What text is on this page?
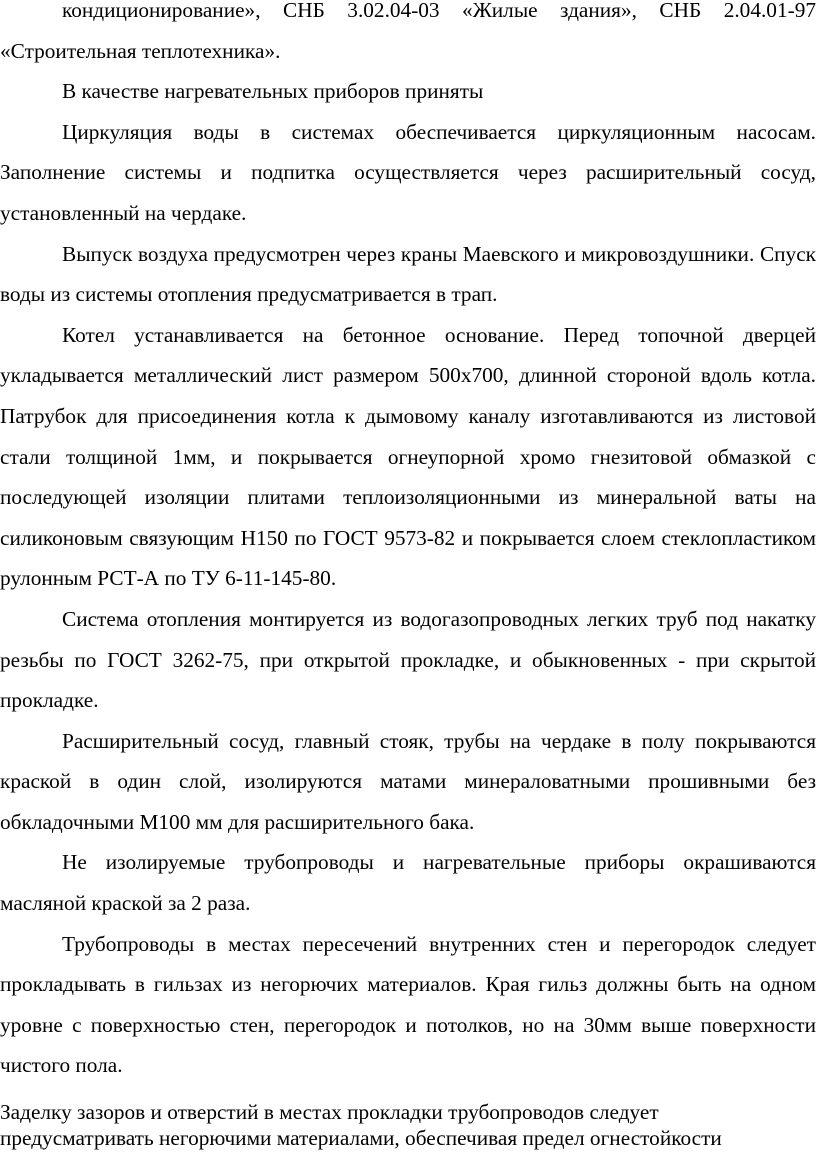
кондиционирование», СНБ 3.02.04-03 «Жилые здания», СНБ 2.04.01-97 «Строительная теплотехника».

В качестве нагревательных приборов приняты

Циркуляция воды в системах обеспечивается циркуляционным насосам. Заполнение системы и подпитка осуществляется через расширительный сосуд, установленный на чердаке.

Выпуск воздуха предусмотрен через краны Маевского и микровоздушники. Спуск воды из системы отопления предусматривается в трап.

Котел устанавливается на бетонное основание. Перед топочной дверцей укладывается металлический лист размером 500х700, длинной стороной вдоль котла. Патрубок для присоединения котла к дымовому каналу изготавливаются из листовой стали толщиной 1мм, и покрывается огнеупорной хромо гнезитовой обмазкой с последующей изоляции плитами теплоизоляционными из минеральной ваты на силиконовым связующим Н150 по ГОСТ 9573-82 и покрывается слоем стеклопластиком рулонным РСТ-А по ТУ 6-11-145-80.

Система отопления монтируется из водогазопроводных легких труб под накатку резьбы по ГОСТ 3262-75, при открытой прокладке, и обыкновенных - при скрытой прокладке.

Расширительный сосуд, главный стояк, трубы на чердаке в полу покрываются краской в один слой, изолируются матами минераловатными прошивными без обкладочными М100 мм для расширительного бака.

Не изолируемые трубопроводы и нагревательные приборы окрашиваются масляной краской за 2 раза.

Трубопроводы в местах пересечений внутренних стен и перегородок следует прокладывать в гильзах из негорючих материалов. Края гильз должны быть на одном уровне с поверхностью стен, перегородок и потолков, но на 30мм выше поверхности чистого пола.

Заделку зазоров и отверстий в местах прокладки трубопроводов следует предусматривать негорючими материалами, обеспечивая предел огнестойкости
